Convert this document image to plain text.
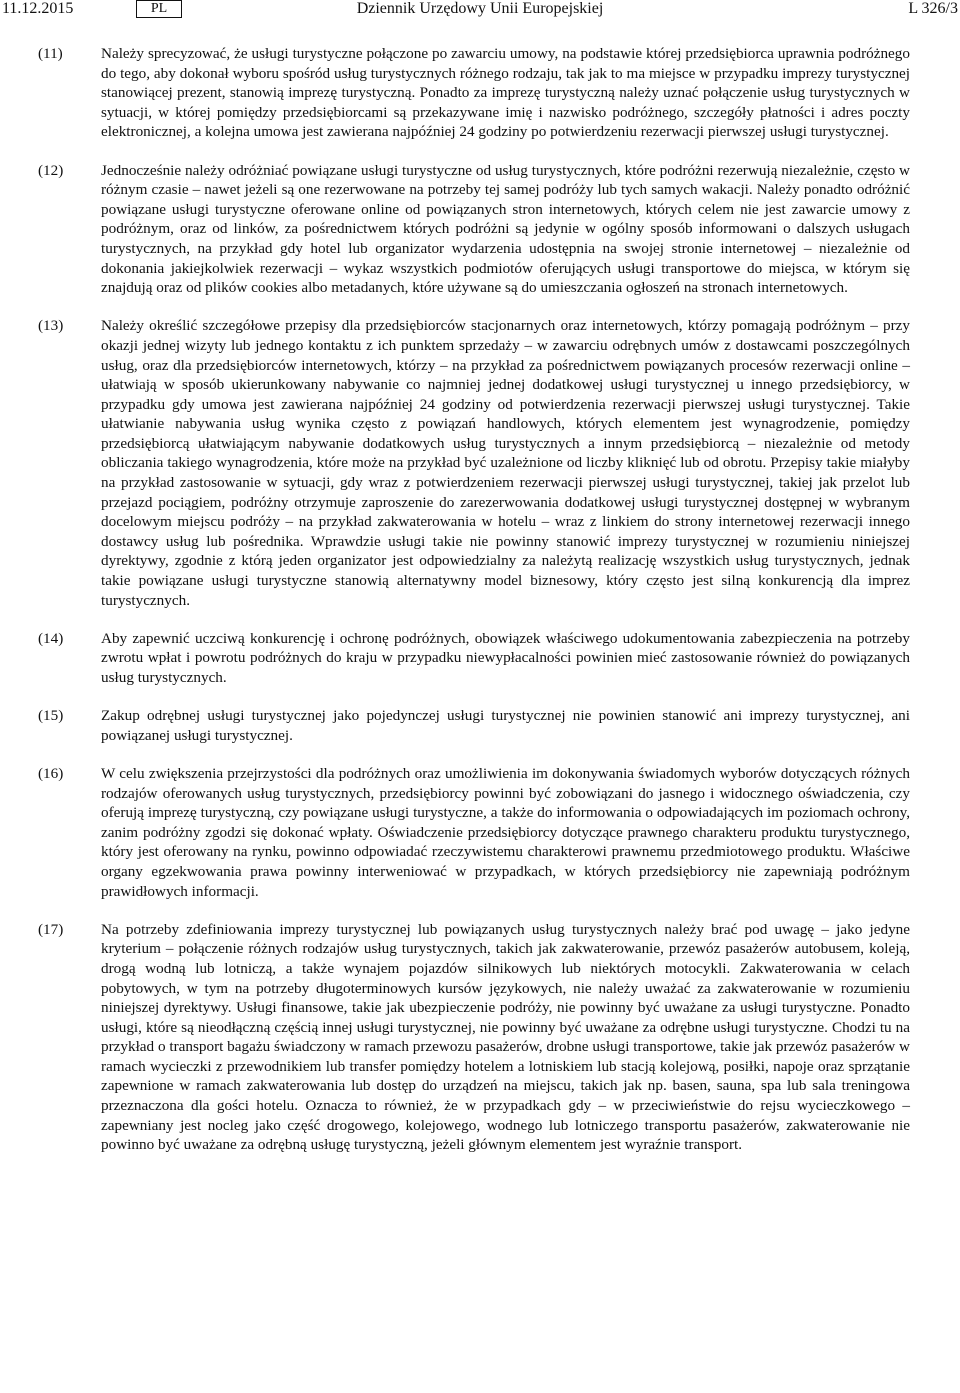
Dziennik Urzędowy Unii Europejskiej
11.12.2015	PL	L 326/3
(11)	Należy sprecyzować, że usługi turystyczne połączone po zawarciu umowy, na podstawie której przedsiębiorca uprawnia podróżnego do tego, aby dokonał wyboru spośród usług turystycznych różnego rodzaju, tak jak to ma miejsce w przypadku imprezy turystycznej stanowiącej prezent, stanowią imprezę turystyczną. Ponadto za imprezę turystyczną należy uznać połączenie usług turystycznych w sytuacji, w której pomiędzy przedsiębiorcami są przekazywane imię i nazwisko podróżnego, szczegóły płatności i adres poczty elektronicznej, a kolejna umowa jest zawierana najpóźniej 24 godziny po potwierdzeniu rezerwacji pierwszej usługi turystycznej.
(12) Jednocześnie należy odróżniać powiązane usługi turystyczne od usług turystycznych, które podróżni rezerwują niezależnie, często w różnym czasie – nawet jeżeli są one rezerwowane na potrzeby tej samej podróży lub tych samych wakacji. Należy ponadto odróżnić powiązane usługi turystyczne oferowane online od powiązanych stron internetowych, których celem nie jest zawarcie umowy z podróżnym, oraz od linków, za pośrednictwem których podróżni są jedynie w ogólny sposób informowani o dalszych usługach turystycznych, na przykład gdy hotel lub organizator wydarzenia udostępnia na swojej stronie internetowej – niezależnie od dokonania jakiejkolwiek rezerwacji – wykaz wszystkich podmiotów oferujących usługi transportowe do miejsca, w którym się znajdują oraz od plików cookies albo metadanych, które używane są do umieszczania ogłoszeń na stronach internetowych.
(13) Należy określić szczegółowe przepisy dla przedsiębiorców stacjonarnych oraz internetowych, którzy pomagają podróżnym – przy okazji jednej wizyty lub jednego kontaktu z ich punktem sprzedaży – w zawarciu odrębnych umów z dostawcami poszczególnych usług, oraz dla przedsiębiorców internetowych, którzy – na przykład za pośrednictwem powiązanych procesów rezerwacji online – ułatwiają w sposób ukierunkowany nabywanie co najmniej jednej dodatkowej usługi turystycznej u innego przedsiębiorcy, w przypadku gdy umowa jest zawierana najpóźniej 24 godziny od potwierdzenia rezerwacji pierwszej usługi turystycznej. Takie ułatwianie nabywania usług wynika często z powiązań handlowych, których elementem jest wynagrodzenie, pomiędzy przedsiębiorcą ułatwiającym nabywanie dodatkowych usług turystycznych a innym przedsiębiorcą – niezależnie od metody obliczania takiego wynagrodzenia, które może na przykład być uzależnione od liczby kliknięć lub od obrotu. Przepisy takie miałyby na przykład zastosowanie w sytuacji, gdy wraz z potwierdzeniem rezerwacji pierwszej usługi turystycznej, takiej jak przelot lub przejazd pociągiem, podróżny otrzymuje zaproszenie do zarezerwowania dodatkowej usługi turystycznej dostępnej w wybranym docelowym miejscu podróży – na przykład zakwaterowania w hotelu – wraz z linkiem do strony internetowej rezerwacji innego dostawcy usług lub pośrednika. Wprawdzie usługi takie nie powinny stanowić imprezy turystycznej w rozumieniu niniejszej dyrektywy, zgodnie z którą jeden organizator jest odpowiedzialny za należytą realizację wszystkich usług turystycznych, jednak takie powiązane usługi turystyczne stanowią alternatywny model biznesowy, który często jest silną konkurencją dla imprez turystycznych.
(14) Aby zapewnić uczciwą konkurencję i ochronę podróżnych, obowiązek właściwego udokumentowania zabezpieczenia na potrzeby zwrotu wpłat i powrotu podróżnych do kraju w przypadku niewypłacalności powinien mieć zastosowanie również do powiązanych usług turystycznych.
(15) Zakup odrębnej usługi turystycznej jako pojedynczej usługi turystycznej nie powinien stanowić ani imprezy turystycznej, ani powiązanej usługi turystycznej.
(16) W celu zwiększenia przejrzystości dla podróżnych oraz umożliwienia im dokonywania świadomych wyborów dotyczących różnych rodzajów oferowanych usług turystycznych, przedsiębiorcy powinni być zobowiązani do jasnego i widocznego oświadczenia, czy oferują imprezę turystyczną, czy powiązane usługi turystyczne, a także do informowania o odpowiadających im poziomach ochrony, zanim podróżny zgodzi się dokonać wpłaty. Oświadczenie przedsiębiorcy dotyczące prawnego charakteru produktu turystycznego, który jest oferowany na rynku, powinno odpowiadać rzeczywistemu charakterowi prawnemu przedmiotowego produktu. Właściwe organy egzekwowania prawa powinny interweniować w przypadkach, w których przedsiębiorcy nie zapewniają podróżnym prawidłowych informacji.
(17) Na potrzeby zdefiniowania imprezy turystycznej lub powiązanych usług turystycznych należy brać pod uwagę – jako jedyne kryterium – połączenie różnych rodzajów usług turystycznych, takich jak zakwaterowanie, przewóz pasażerów autobusem, koleją, drogą wodną lub lotniczą, a także wynajem pojazdów silnikowych lub niektórych motocykli. Zakwaterowania w celach pobytowych, w tym na potrzeby długoterminowych kursów językowych, nie należy uważać za zakwaterowanie w rozumieniu niniejszej dyrektywy. Usługi finansowe, takie jak ubezpieczenie podróży, nie powinny być uważane za usługi turystyczne. Ponadto usługi, które są nieodłączną częścią innej usługi turystycznej, nie powinny być uważane za odrębne usługi turystyczne. Chodzi tu na przykład o transport bagażu świadczony w ramach przewozu pasażerów, drobne usługi transportowe, takie jak przewóz pasażerów w ramach wycieczki z przewodnikiem lub transfer pomiędzy hotelem a lotniskiem lub stacją kolejową, posiłki, napoje oraz sprzątanie zapewnione w ramach zakwaterowania lub dostęp do urządzeń na miejscu, takich jak np. basen, sauna, spa lub sala treningowa przeznaczona dla gości hotelu. Oznacza to również, że w przypadkach gdy – w przeciwieństwie do rejsu wycieczkowego – zapewniany jest nocleg jako część drogowego, kolejowego, wodnego lub lotniczego transportu pasażerów, zakwaterowanie nie powinno być uważane za odrębną usługę turystyczną, jeżeli głównym elementem jest wyraźnie transport.
